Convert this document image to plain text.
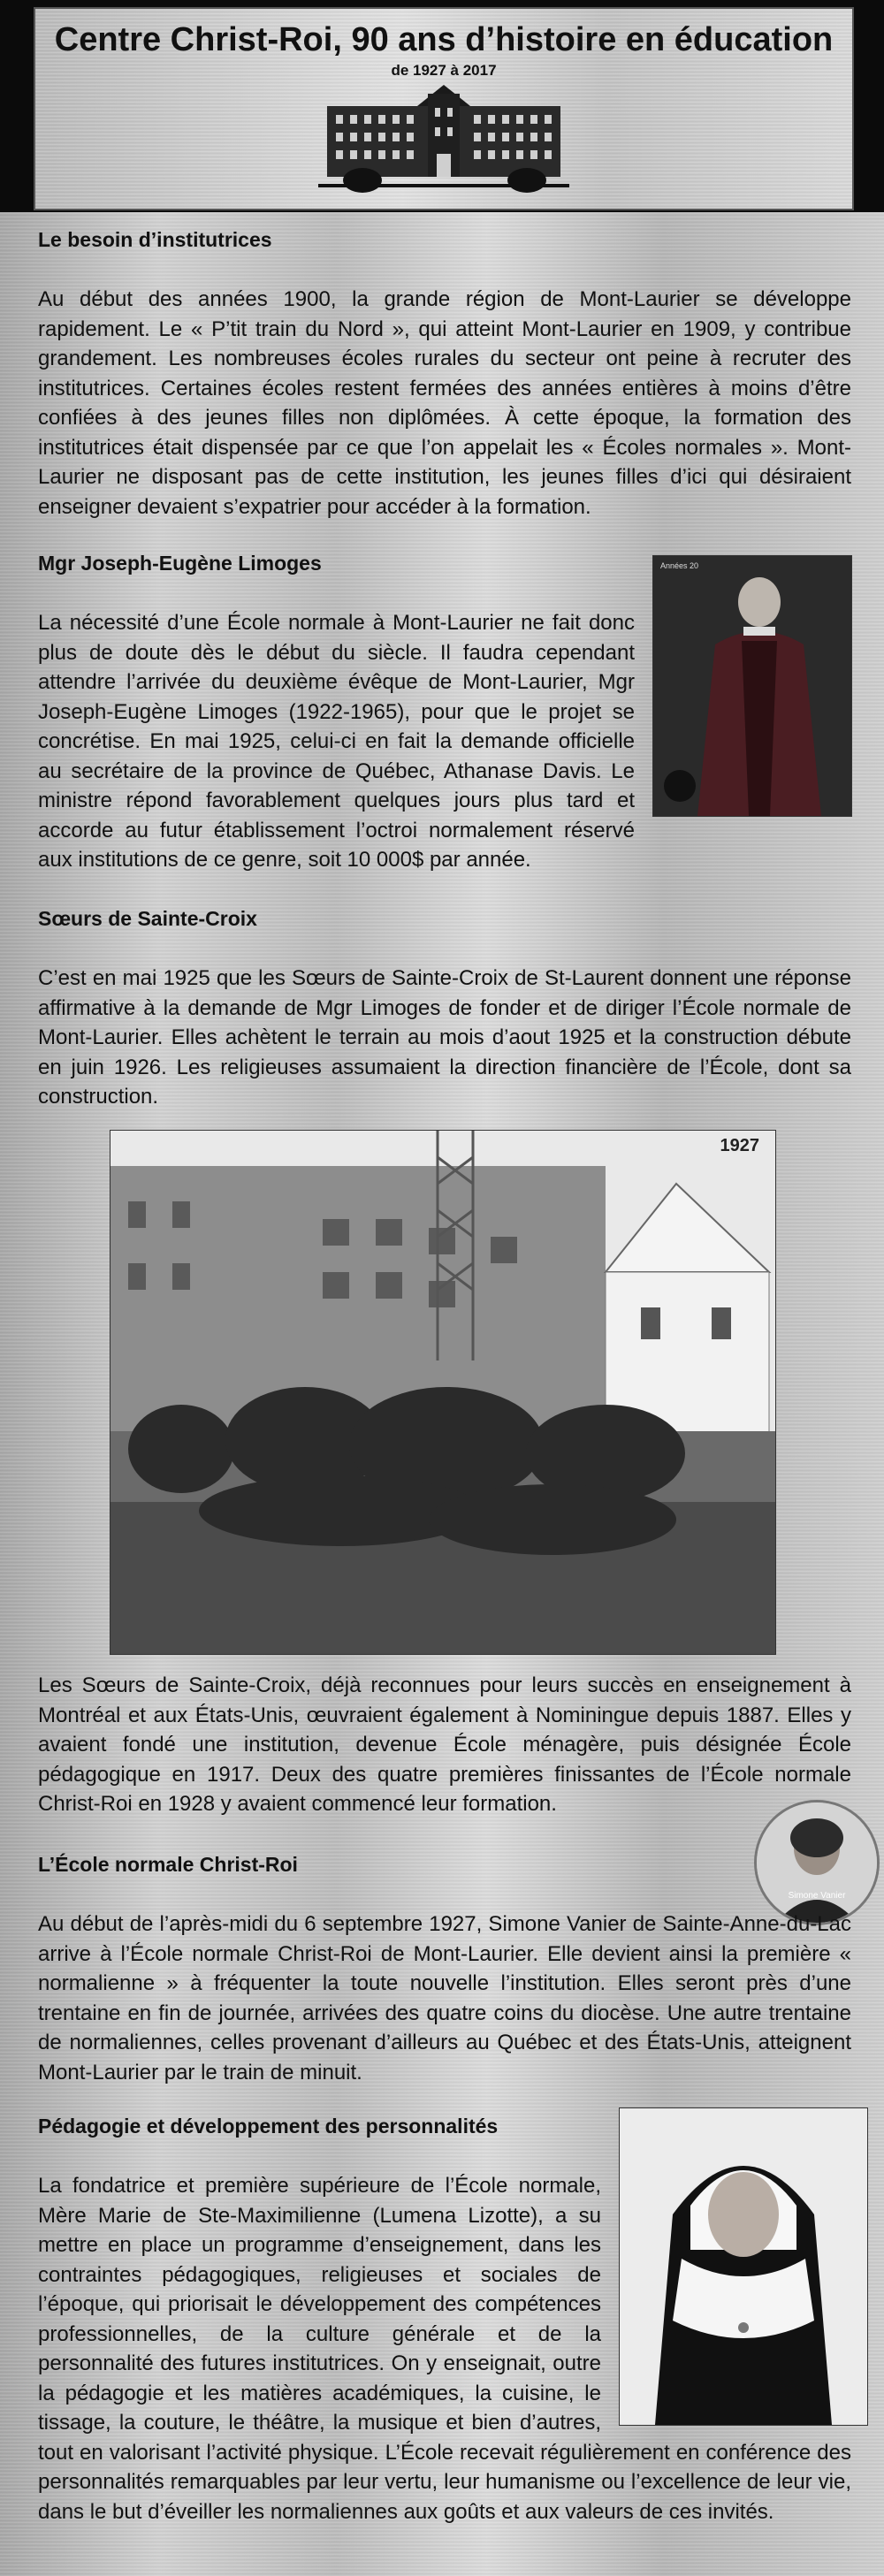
Centre Christ-Roi, 90 ans d’histoire en éducation
de 1927 à 2017
Le besoin d’institutrices

Au début des années 1900, la grande région de Mont-Laurier se développe rapidement. Le « P’tit train du Nord », qui atteint Mont-Laurier en 1909, y contribue grandement. Les nombreuses écoles rurales du secteur ont peine à recruter des institutrices. Certaines écoles restent fermées des années entières à moins d’être confiées à des jeunes filles non diplômées. À cette époque, la formation des institutrices était dispensée par ce que l’on appelait les « Écoles normales ». Mont-Laurier ne disposant pas de cette institution, les jeunes filles d’ici qui désiraient enseigner devaient s’expatrier pour accéder à la formation.

Mgr Joseph-Eugène Limoges	Années 20

La nécessité d’une École normale à Mont-Laurier ne fait donc plus de doute dès le début du siècle. Il faudra cependant attendre l’arrivée du deuxième évêque de Mont-Laurier, Mgr Joseph-Eugène Limoges (1922-1965), pour que le projet se concrétise. En mai 1925, celui-ci en fait la demande officielle au secrétaire de la province de Québec, Athanase Davis. Le ministre répond favorablement quelques jours plus tard et accorde au futur établissement l’octroi normalement réservé aux institutions de ce genre, soit 10 000$ par année.

Sœurs de Sainte-Croix

C’est en mai 1925 que les Sœurs de Sainte-Croix de St-Laurent donnent une réponse affirmative à la demande de Mgr Limoges de fonder et de diriger l’École normale de Mont-Laurier. Elles achètent le terrain au mois d’aout 1925 et la construction débute en juin 1926. Les religieuses assumaient la direction financière de l’École, dont sa construction.

1927

Les Sœurs de Sainte-Croix, déjà reconnues pour leurs succès en enseignement à Montréal et aux États-Unis, œuvraient également à Nominingue depuis 1887. Elles y avaient fondé une institution, devenue École ménagère, puis désignée École pédagogique en 1917. Deux des quatre premières finissantes de l’École normale Christ-Roi en 1928 y avaient commencé leur formation.

L’École normale Christ-Roi
Simone Vanier

Au début de l’après-midi du 6 septembre 1927, Simone Vanier de Sainte-Anne-du-Lac arrive à l’École normale Christ-Roi de Mont-Laurier. Elle devient ainsi la première « normalienne » à fréquenter la toute nouvelle l’institution. Elles seront près d’une trentaine en fin de journée, arrivées des quatre coins du diocèse. Une autre trentaine de normaliennes, celles provenant d’ailleurs au Québec et des États-Unis, atteignent Mont-Laurier par le train de minuit.

Pédagogie et développement des personnalités

La fondatrice et première supérieure de l’École normale, Mère Marie de Ste-Maximilienne (Lumena Lizotte), a su mettre en place un programme d’enseignement, dans les contraintes pédagogiques, religieuses et sociales de l’époque, qui priorisait le développement des compétences professionnelles, de la culture générale et de la personnalité des futures institutrices. On y enseignait, outre la pédagogie et les matières académiques, la cuisine, le tissage, la couture, le théâtre, la musique et bien d’autres, tout en valorisant l’activité physique. L’École recevait régulièrement en conférence des personnalités remarquables par leur vertu, leur humanisme ou l’excellence de leur vie, dans le but d’éveiller les normaliennes aux goûts et aux valeurs de ces invités.
